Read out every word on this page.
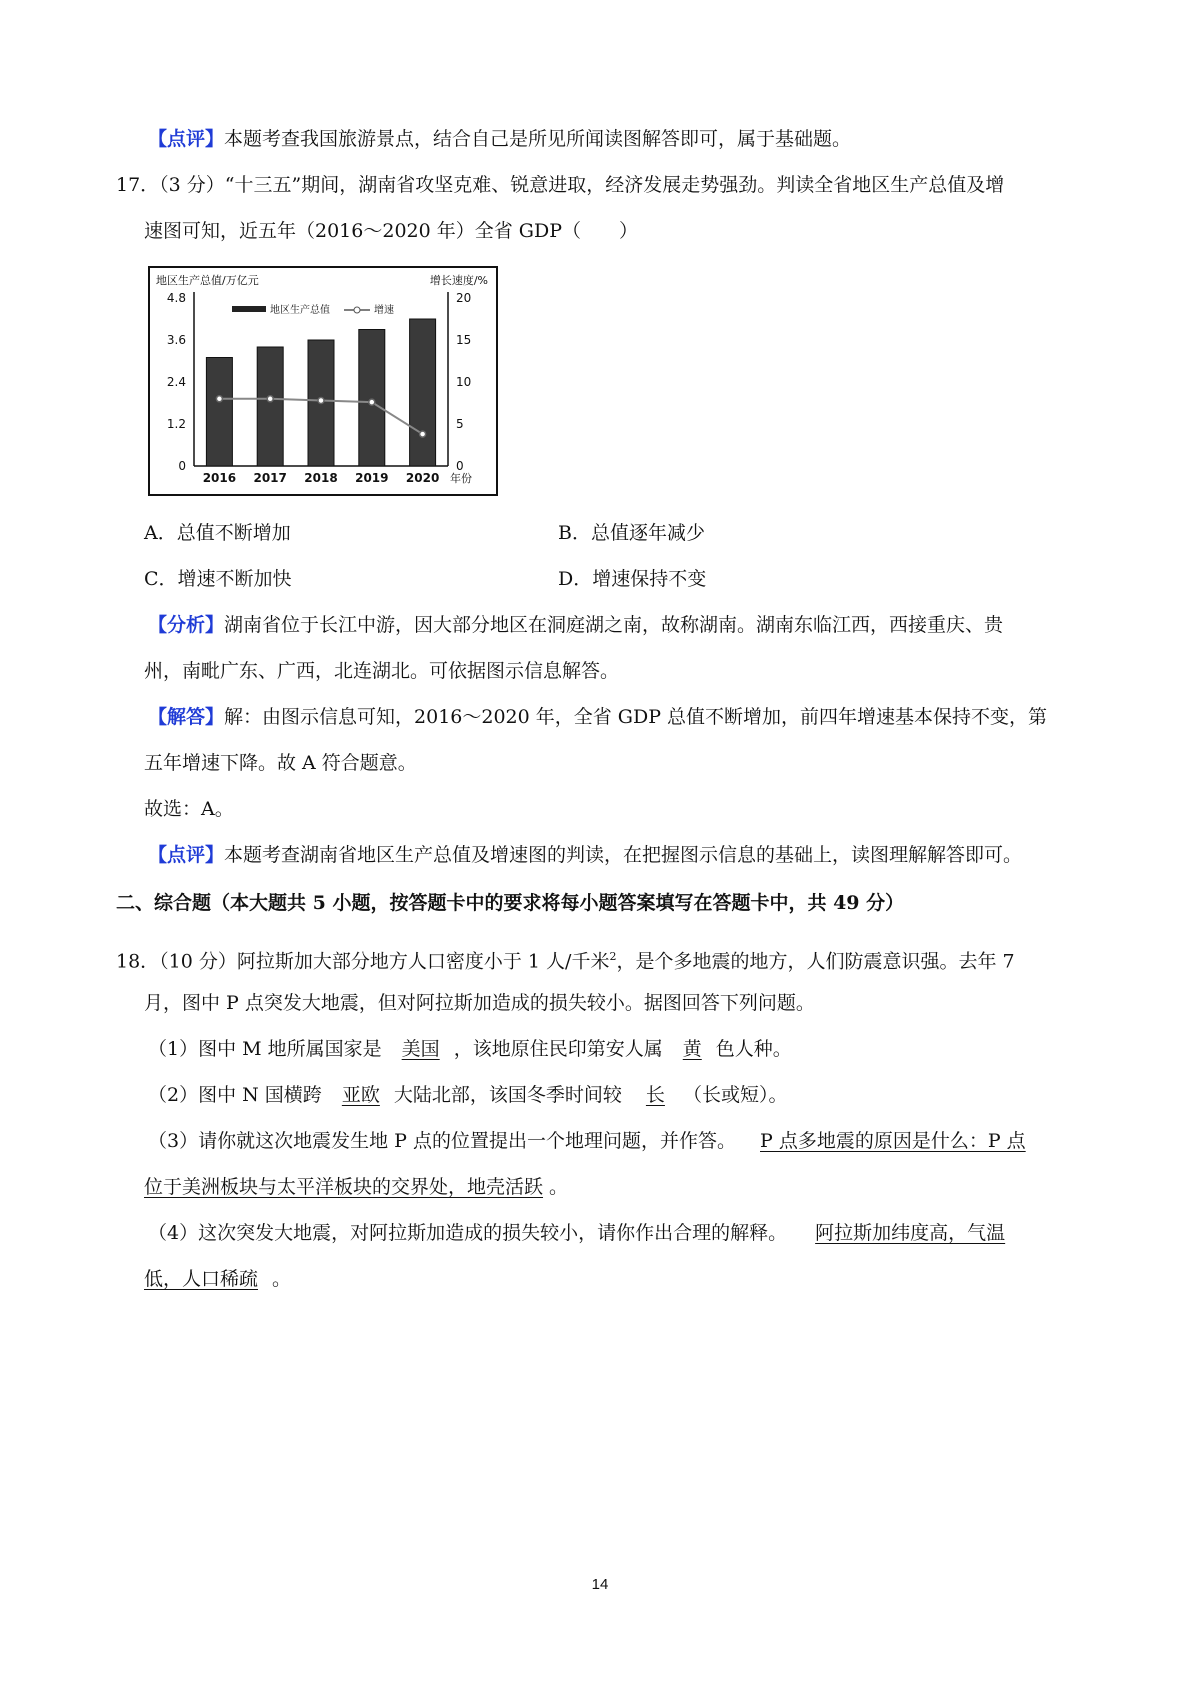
【点评】本题考查我国旅游景点，结合自己是所见所闻读图解答即可，属于基础题。
17．（3 分）“十三五”期间，湖南省攻坚克难、锐意进取，经济发展走势强劲。判读全省地区生产总值及增
速图可知，近五年（2016～2020 年）全省 GDP（　　）
地区生产总值/万亿元	增长速度/%
0
1.2
2.4
3.6
4.8
0
5
10
15
20
2016 2017 2018 2019 2020 年份
地区生产总值	增速
A．总值不断增加	B．总值逐年减少
C．增速不断加快	D．增速保持不变
【分析】湖南省位于长江中游，因大部分地区在洞庭湖之南，故称湖南。湖南东临江西，西接重庆、贵
州，南毗广东、广西，北连湖北。可依据图示信息解答。
【解答】解：由图示信息可知，2016～2020 年，全省 GDP 总值不断增加，前四年增速基本保持不变，第
五年增速下降。故 A 符合题意。
故选：A。
【点评】本题考查湖南省地区生产总值及增速图的判读，在把握图示信息的基础上，读图理解解答即可。
二、综合题（本大题共 5 小题，按答题卡中的要求将每小题答案填写在答题卡中，共 49 分）
18．（10 分）阿拉斯加大部分地方人口密度小于 1 人/千米$^2$，是个多地震的地方，人们防震意识强。去年 7
月，图中 P 点突发大地震，但对阿拉斯加造成的损失较小。据图回答下列问题。
（1）图中 M 地所属国家是 美国 ，该地原住民印第安人属 黄 色人种。
（2）图中 N 国横跨 亚欧 大陆北部，该国冬季时间较 长 （长或短）。
（3）请你就这次地震发生地 P 点的位置提出一个地理问题，并作答。 P 点多地震的原因是什么：P 点
位于美洲板块与太平洋板块的交界处，地壳活跃 。
（4）这次突发大地震，对阿拉斯加造成的损失较小，请你作出合理的解释。 阿拉斯加纬度高，气温
低，人口稀疏 。
14
